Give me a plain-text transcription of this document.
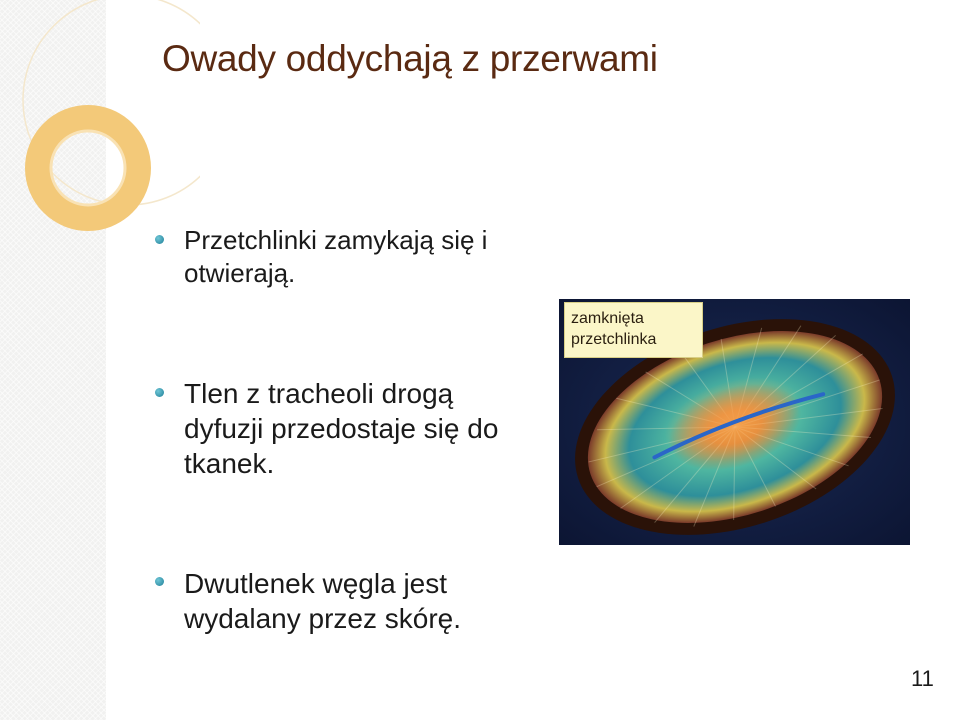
Owady oddychają z przerwami
Przetchlinki zamykają się i
otwierają.
Tlen z tracheoli drogą
dyfuzji przedostaje się do
tkanek.
Dwutlenek węgla jest
wydalany przez skórę.
zamknięta
przetchlinka
11
